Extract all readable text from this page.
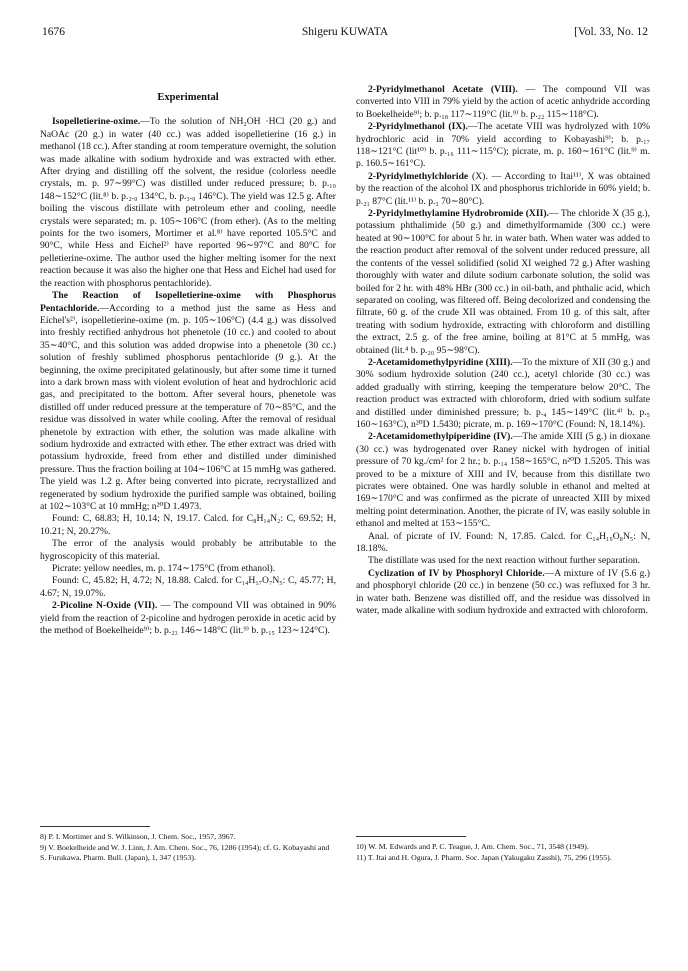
1676	Shigeru KUWATA	[Vol. 33, No. 12
Experimental

Isopelletierine-oxime.—To the solution of NH₂OH ·HCl (20 g.) and NaOAc (20 g.) in water (40 cc.) was added isopelletierine (16 g.) in methanol (18 cc.). After standing at room temperature overnight, the solution was made alkaline with sodium hydroxide and was extracted with ether. After drying and distilling off the solvent, the residue (colorless needle crystals, m. p. 97∼99°C) was distilled under reduced pressure; b. p.₁₀ 148∼152°C (lit.⁸⁾ b. p.₂.₀ 134°C, b. p.₃.₀ 146°C). The yield was 12.5 g. After boiling the viscous distillate with petroleum ether and cooling, needle crystals were separated; m. p. 105∼106°C (from ether). (As to the melting points for the two isomers, Mortimer et al.⁸⁾ have reported 105.5°C and 90°C, while Hess and Eichel²⁾ have reported 96∼97°C and 80°C for pelletierine-oxime. The author used the higher melting isomer for the next reaction because it was also the higher one that Hess and Eichel had used for the reaction with phosphorus pentachloride).

The Reaction of Isopelletierine-oxime with Phosphorus Pentachloride.—According to a method just the same as Hess and Eichel's²⁾, isopelletierine-oxime (m. p. 105∼106°C) (4.4 g.) was dissolved into freshly rectified anhydrous hot phenetole (10 cc.) and cooled to about 35∼40°C, and this solution was added dropwise into a phenetole (30 cc.) solution of freshly sublimed phosphorus pentachloride (9 g.). At the beginning, the oxime precipitated gelatinously, but after some time it turned into a dark brown mass with violent evolution of heat and hydrochloric acid gas, and precipitated to the bottom. After several hours, phenetole was distilled off under reduced pressure at the temperature of 70∼85°C, and the residue was dissolved in water while cooling. After the removal of residual phenetole by extraction with ether, the solution was made alkaline with sodium hydroxide and extracted with ether. The ether extract was dried with potassium hydroxide, freed from ether and distilled under diminished pressure. Thus the fraction boiling at 104∼106°C at 15 mmHg was gathered. The yield was 1.2 g. After being converted into picrate, recrystallized and regenerated by sodium hydroxide the purified sample was obtained, boiling at 102∼103°C at 10 mmHg; n²⁰D 1.4973.

Found: C, 68.83; H, 10.14; N, 19.17. Calcd. for C₈H₁₄N₂: C, 69.52; H, 10.21; N, 20.27%.

The error of the analysis would probably be attributable to the hygroscopicity of this material.

Picrate: yellow needles, m. p. 174∼175°C (from ethanol).

Found: C, 45.82; H, 4.72; N, 18.88. Calcd. for C₁₄H₁₇O₇N₅: C, 45.77; H, 4.67; N, 19.07%.

2-Picoline N-Oxide (VII). — The compound VII was obtained in 90% yield from the reaction of 2-picoline and hydrogen peroxide in acetic acid by the method of Boekelheide⁹⁾; b. p.₂₃ 146∼148°C (lit.⁹⁾ b. p.₁₅ 123∼124°C).

2-Pyridylmethanol Acetate (VIII). — The compound VII was converted into VIII in 79% yield by the action of acetic anhydride according to Boekelheide⁹⁾; b. p.₁₈ 117∼119°C (lit.⁹⁾ b. p.₂₂ 115∼118°C).

2-Pyridylmethanol (IX).—The acetate VIII was hydrolyzed with 10% hydrochloric acid in 70% yield according to Kobayashi⁹⁾; b. p.₁₇ 118∼121°C (lit¹⁰⁾ b. p.₁₆ 111∼115°C); picrate, m. p. 160∼161°C (lit.⁹⁾ m. p. 160.5∼161°C).

2-Pyridylmethylchloride (X). — According to Itai¹¹⁾, X was obtained by the reaction of the alcohol IX and phosphorus trichloride in 60% yield; b. p.₂₁ 87°C (lit.¹¹⁾ b. p.₃ 70∼80°C).

2-Pyridylmethylamine Hydrobromide (XII).— The chloride X (35 g.), potassium phthalimide (50 g.) and dimethylformamide (300 cc.) were heated at 90∼100°C for about 5 hr. in water bath. When water was added to the reaction product after removal of the solvent under reduced pressure, all the contents of the vessel solidified (solid XI weighed 72 g.) After washing thoroughly with water and dilute sodium carbonate solution, the solid was boiled for 2 hr. with 48% HBr (300 cc.) in oil-bath, and phthalic acid, which separated on cooling, was filtered off. Being decolorized and condensing the filtrate, 60 g. of the crude XII was obtained. From 10 g. of this salt, after treating with sodium hydroxide, extracting with chloroform and distilling the extract, 2.5 g. of the free amine, boiling at 81°C at 5 mmHg, was obtained (lit.⁴ b. p.₂₀ 95∼98°C).

2-Acetamidomethylpyridine (XIII).—To the mixture of XII (30 g.) and 30% sodium hydroxide solution (240 cc.), acetyl chloride (30 cc.) was added gradually with stirring, keeping the temperature below 20°C. The reaction product was extracted with chloroform, dried with sodium sulfate and distilled under diminished pressure; b. p.₄ 145∼149°C (lit.⁴⁾ b. p.₅ 160∼163°C), n²⁰D 1.5430; picrate, m. p. 169∼170°C (Found: N, 18.14%).

2-Acetamidomethylpiperidine (IV).—The amide XIII (5 g.) in dioxane (30 cc.) was hydrogenated over Raney nickel with hydrogen of initial pressure of 70 kg./cm² for 2 hr.; b. p.₁₄ 158∼165°C, n²⁰D 1.5205. This was proved to be a mixture of XIII and IV, because from this distillate two picrates were obtained. One was hardly soluble in ethanol and melted at 169∼170°C and was confirmed as the picrate of unreacted XIII by mixed melting point determination. Another, the picrate of IV, was easily soluble in ethanol and melted at 153∼155°C.

Anal. of picrate of IV. Found: N, 17.85. Calcd. for C₁₄H₁₉O₈N₅: N, 18.18%.

The distillate was used for the next reaction without further separation.

Cyclization of IV by Phosphoryl Chloride.—A mixture of IV (5.6 g.) and phosphoryl chloride (20 cc.) in benzene (50 cc.) was refluxed for 3 hr. in water bath. Benzene was distilled off, and the residue was dissolved in water, made alkaline with sodium hydroxide and extracted with chloroform.

8) P. I. Mortimer and S. Wilkinson, J. Chem. Soc., 1957, 3967.

9) V. Boekelheide and W. J. Linn, J. Am. Chem. Soc., 76, 1286 (1954); cf. G. Kobayashi and S. Furukawa, Pharm. Bull. (Japan), 1, 347 (1953).

10) W. M. Edwards and P. C. Teague, J. Am. Chem. Soc., 71, 3548 (1949).

11) T. Itai and H. Ogura, J. Pharm. Soc. Japan (Yakugaku Zasshi), 75, 296 (1955).
